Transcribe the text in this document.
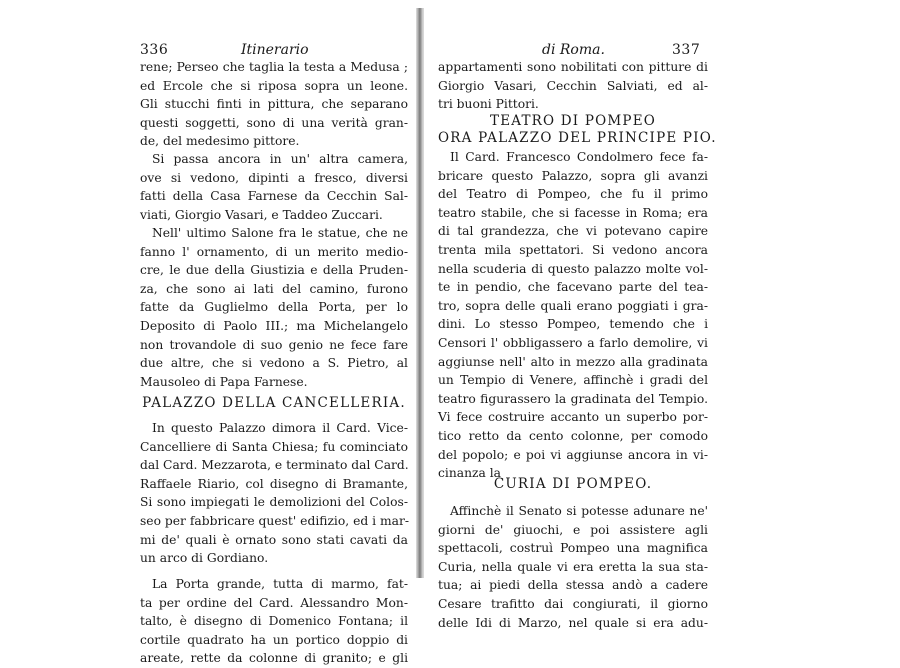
336	Itinerario
rene; Perseo che taglia la testa a Medusa ;
ed Ercole che si riposa sopra un leone.
Gli stucchi finti in pittura, che separano
questi soggetti, sono di una verità gran-
de, del medesimo pittore.
Si passa ancora in un' altra camera,
ove si vedono, dipinti a fresco, diversi
fatti della Casa Farnese da Cecchin Sal-
viati, Giorgio Vasari, e Taddeo Zuccari.
Nell' ultimo Salone fra le statue, che ne
fanno l' ornamento, di un merito medio-
cre, le due della Giustizia e della Pruden-
za, che sono ai lati del camino, furono
fatte da Guglielmo della Porta, per lo
Deposito di Paolo III.; ma Michelangelo
non trovandole di suo genio ne fece fare
due altre, che si vedono a S. Pietro, al
Mausoleo di Papa Farnese.
PALAZZO DELLA CANCELLERIA.
In questo Palazzo dimora il Card. Vice-
Cancelliere di Santa Chiesa; fu cominciato
dal Card. Mezzarota, e terminato dal Card.
Raffaele Riario, col disegno di Bramante,
Si sono impiegati le demolizioni del Colos-
seo per fabbricare quest' edifizio, ed i mar-
mi de' quali è ornato sono stati cavati da
un arco di Gordiano.
La Porta grande, tutta di marmo, fat-
ta per ordine del Card. Alessandro Mon-
talto, è disegno di Domenico Fontana; il
cortile quadrato ha un portico doppio di
areate, rette da colonne di granito; e gli
di Roma.	337
appartamenti sono nobilitati con pitture di
Giorgio Vasari, Cecchin Salviati, ed al-
tri buoni Pittori.
TEATRO DI POMPEO
ORA PALAZZO DEL PRINCIPE PIO.
Il Card. Francesco Condolmero fece fa-
bricare questo Palazzo, sopra gli avanzi
del Teatro di Pompeo, che fu il primo
teatro stabile, che si facesse in Roma; era
di tal grandezza, che vi potevano capire
trenta mila spettatori. Si vedono ancora
nella scuderia di questo palazzo molte vol-
te in pendio, che facevano parte del tea-
tro, sopra delle quali erano poggiati i gra-
dini. Lo stesso Pompeo, temendo che i
Censori l' obbligassero a farlo demolire, vi
aggiunse nell' alto in mezzo alla gradinata
un Tempio di Venere, affinchè i gradi del
teatro figurassero la gradinata del Tempio.
Vi fece costruire accanto un superbo por-
tico retto da cento colonne, per comodo
del popolo; e poi vi aggiunse ancora in vi-
cinanza la
CURIA DI POMPEO.
Affinchè il Senato si potesse adunare ne'
giorni de' giuochi, e poi assistere agli
spettacoli, costruì Pompeo una magnifica
Curia, nella quale vi era eretta la sua sta-
tua; ai piedi della stessa andò a cadere
Cesare trafitto dai congiurati, il giorno
delle Idi di Marzo, nel quale si era adu-
